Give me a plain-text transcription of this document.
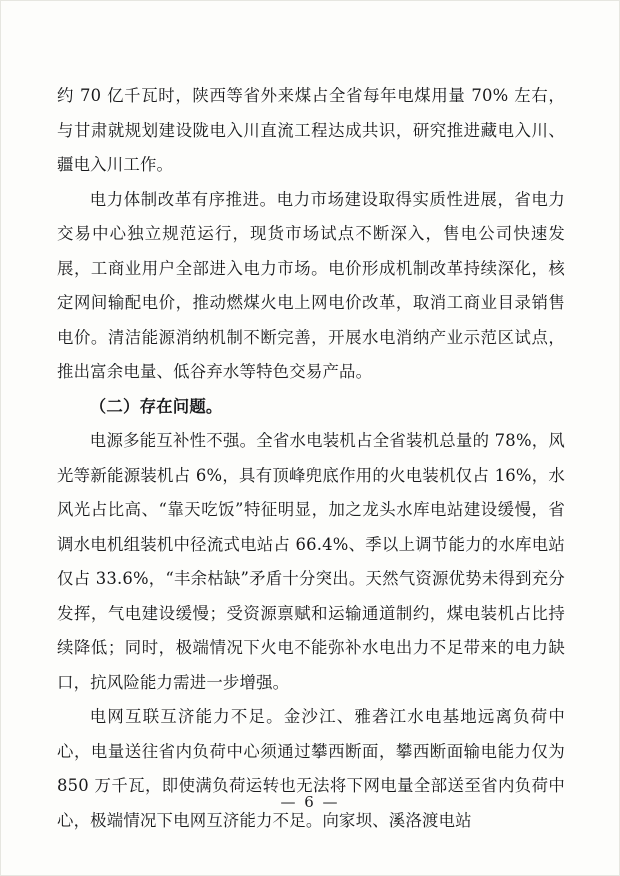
约 70 亿千瓦时，陕西等省外来煤占全省每年电煤用量 70% 左右，与甘肃就规划建设陇电入川直流工程达成共识，研究推进藏电入川、疆电入川工作。

电力体制改革有序推进。电力市场建设取得实质性进展，省电力交易中心独立规范运行，现货市场试点不断深入，售电公司快速发展，工商业用户全部进入电力市场。电价形成机制改革持续深化，核定网间输配电价，推动燃煤火电上网电价改革，取消工商业目录销售电价。清洁能源消纳机制不断完善，开展水电消纳产业示范区试点，推出富余电量、低谷弃水等特色交易产品。

（二）存在问题。

电源多能互补性不强。全省水电装机占全省装机总量的 78%，风光等新能源装机占 6%，具有顶峰兜底作用的火电装机仅占 16%，水风光占比高、“靠天吃饭”特征明显，加之龙头水库电站建设缓慢，省调水电机组装机中径流式电站占 66.4%、季以上调节能力的水库电站仅占 33.6%，“丰余枯缺”矛盾十分突出。天然气资源优势未得到充分发挥，气电建设缓慢；受资源禀赋和运输通道制约，煤电装机占比持续降低；同时，极端情况下火电不能弥补水电出力不足带来的电力缺口，抗风险能力需进一步增强。

电网互联互济能力不足。金沙江、雅砻江水电基地远离负荷中心，电量送往省内负荷中心须通过攀西断面，攀西断面输电能力仅为 850 万千瓦，即使满负荷运转也无法将下网电量全部送至省内负荷中心，极端情况下电网互济能力不足。向家坝、溪洛渡电站

— 6 —
